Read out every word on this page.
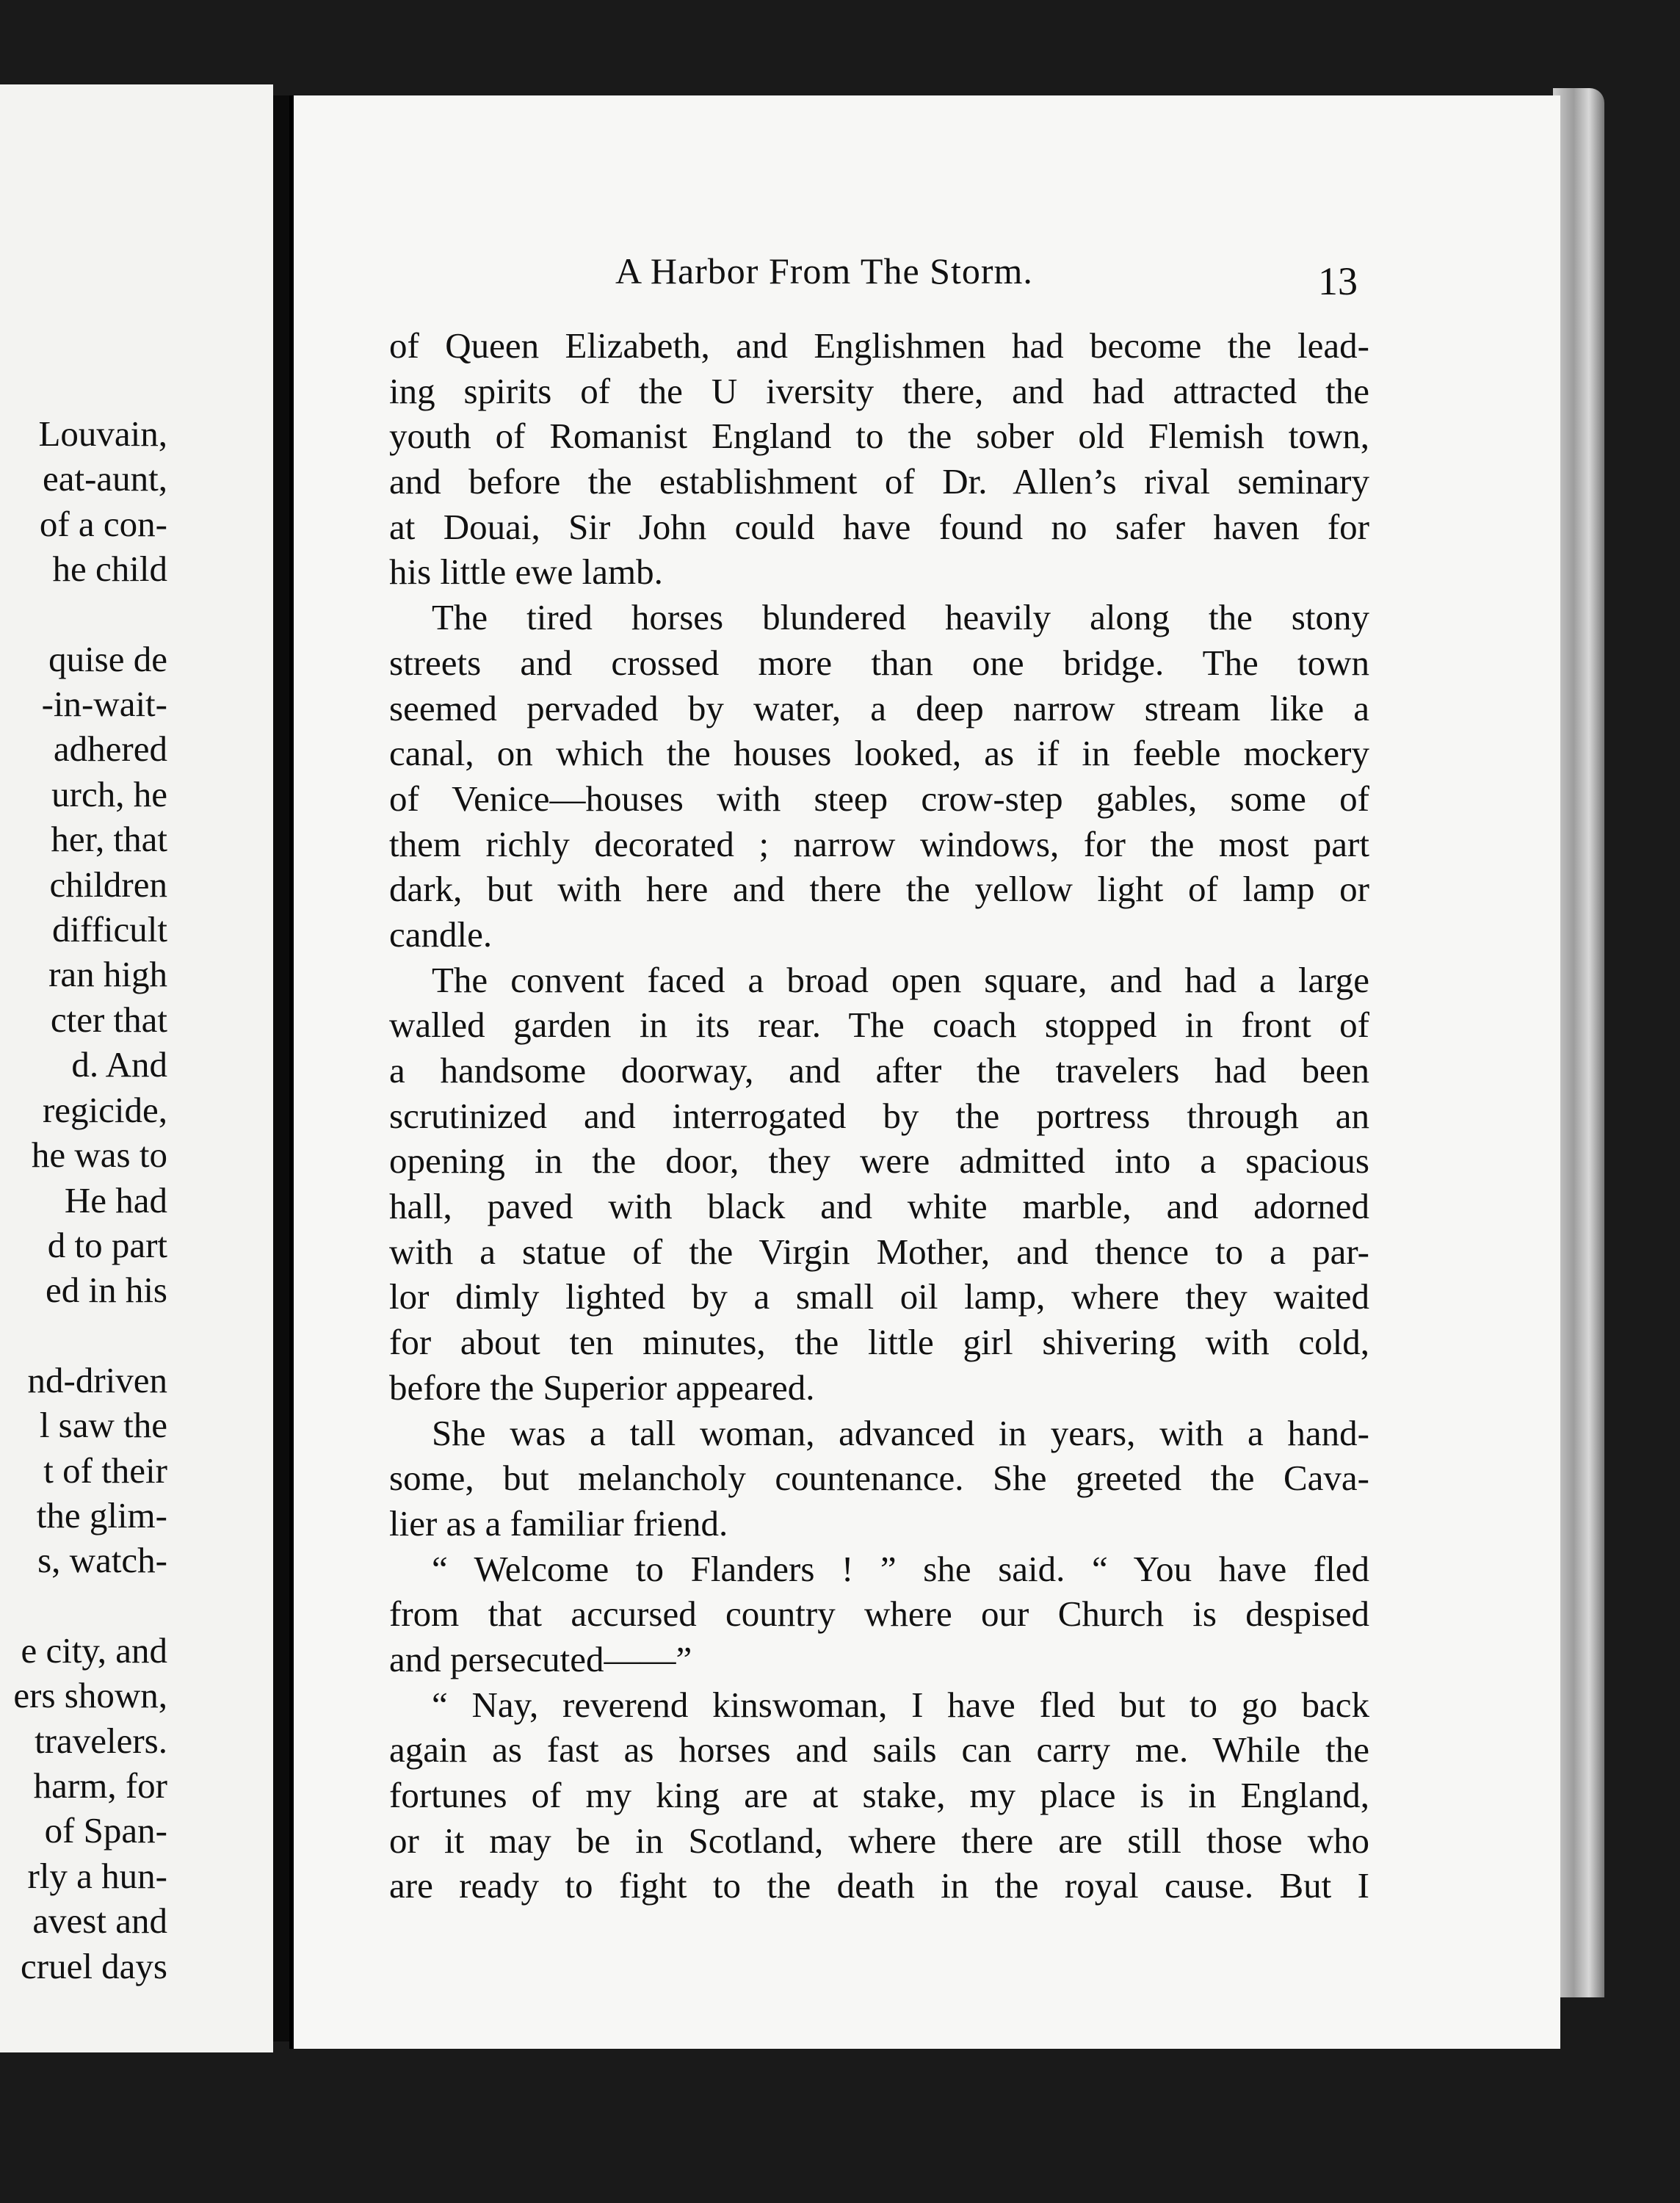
Louvain,
eat-aunt,
of a con-
he child
quise de
-in-wait-
adhered
urch, he
her, that
children
difficult
ran high
cter that
d. And
regicide,
he was to
He had
d to part
ed in his
nd-driven
l saw the
t of their
the glim-
s, watch-
e city, and
ers shown,
travelers.
harm, for
of Span-
rly a hun-
avest and
cruel days
A Harbor From The Storm.	13
of Queen Elizabeth, and Englishmen had become the lead-
ing spirits of the U iversity there, and had attracted the
youth of Romanist England to the sober old Flemish town,
and before the establishment of Dr. Allen’s rival seminary
at Douai, Sir John could have found no safer haven for
his little ewe lamb.
The tired horses blundered heavily along the stony
streets and crossed more than one bridge. The town
seemed pervaded by water, a deep narrow stream like a
canal, on which the houses looked, as if in feeble mockery
of Venice—houses with steep crow-step gables, some of
them richly decorated ; narrow windows, for the most part
dark, but with here and there the yellow light of lamp or
candle.
The convent faced a broad open square, and had a large
walled garden in its rear. The coach stopped in front of
a handsome doorway, and after the travelers had been
scrutinized and interrogated by the portress through an
opening in the door, they were admitted into a spacious
hall, paved with black and white marble, and adorned
with a statue of the Virgin Mother, and thence to a par-
lor dimly lighted by a small oil lamp, where they waited
for about ten minutes, the little girl shivering with cold,
before the Superior appeared.
She was a tall woman, advanced in years, with a hand-
some, but melancholy countenance. She greeted the Cava-
lier as a familiar friend.
“ Welcome to Flanders ! ” she said. “ You have fled
from that accursed country where our Church is despised
and persecuted——”
“ Nay, reverend kinswoman, I have fled but to go back
again as fast as horses and sails can carry me. While the
fortunes of my king are at stake, my place is in England,
or it may be in Scotland, where there are still those who
are ready to fight to the death in the royal cause. But I
